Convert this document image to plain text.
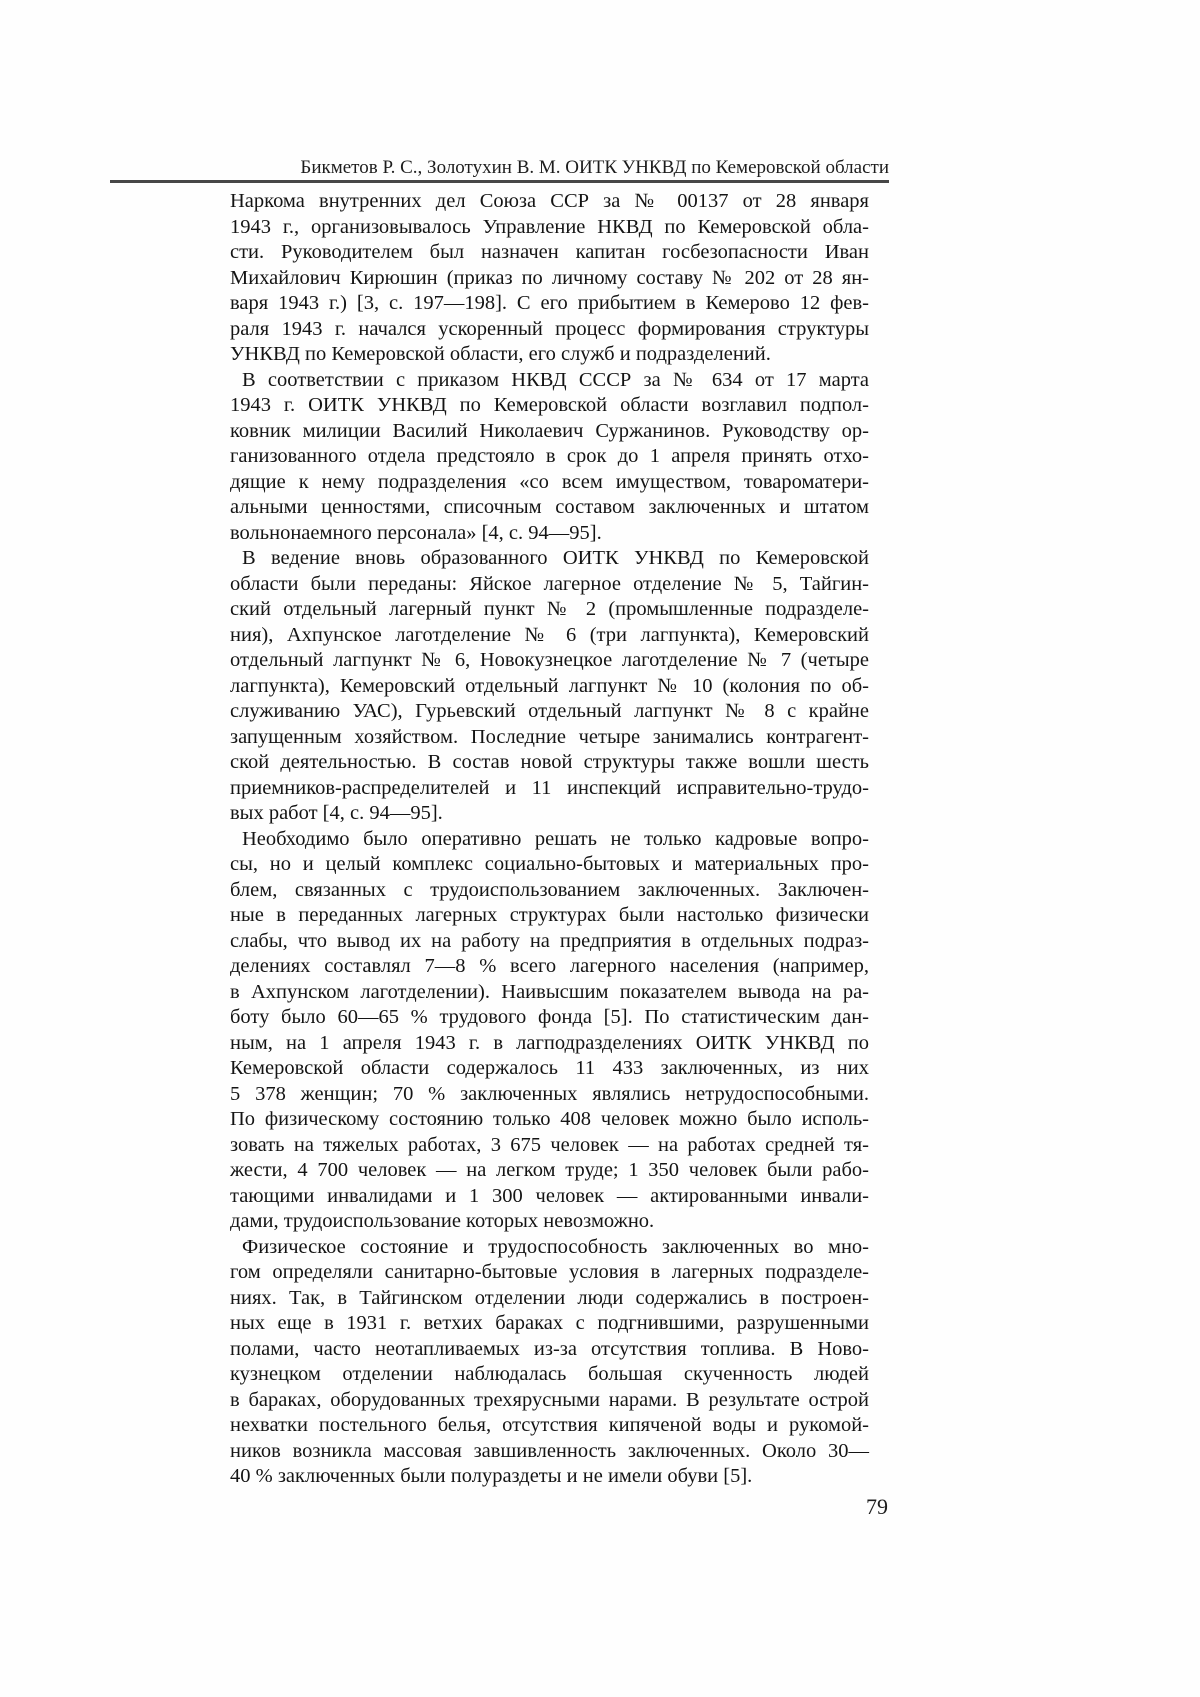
Бикметов Р. С., Золотухин В. М. ОИТК УНКВД по Кемеровской области
Наркома внутренних дел Союза ССР за № 00137 от 28 января
1943 г., организовывалось Управление НКВД по Кемеровской обла-
сти. Руководителем был назначен капитан госбезопасности Иван
Михайлович Кирюшин (приказ по личному составу № 202 от 28 ян-
варя 1943 г.) [3, с. 197—198]. С его прибытием в Кемерово 12 фев-
раля 1943 г. начался ускоренный процесс формирования структуры
УНКВД по Кемеровской области, его служб и подразделений.
В соответствии с приказом НКВД СССР за № 634 от 17 марта
1943 г. ОИТК УНКВД по Кемеровской области возглавил подпол-
ковник милиции Василий Николаевич Суржанинов. Руководству ор-
ганизованного отдела предстояло в срок до 1 апреля принять отхо-
дящие к нему подразделения «со всем имуществом, товароматери-
альными ценностями, списочным составом заключенных и штатом
вольнонаемного персонала» [4, с. 94—95].
В ведение вновь образованного ОИТК УНКВД по Кемеровской
области были переданы: Яйское лагерное отделение № 5, Тайгин-
ский отдельный лагерный пункт № 2 (промышленные подразделе-
ния), Ахпунское лаготделение № 6 (три лагпункта), Кемеровский
отдельный лагпункт № 6, Новокузнецкое лаготделение № 7 (четыре
лагпункта), Кемеровский отдельный лагпункт № 10 (колония по об-
служиванию УАС), Гурьевский отдельный лагпункт № 8 с крайне
запущенным хозяйством. Последние четыре занимались контрагент-
ской деятельностью. В состав новой структуры также вошли шесть
приемников-распределителей и 11 инспекций исправительно-трудо-
вых работ [4, с. 94—95].
Необходимо было оперативно решать не только кадровые вопро-
сы, но и целый комплекс социально-бытовых и материальных про-
блем, связанных с трудоиспользованием заключенных. Заключен-
ные в переданных лагерных структурах были настолько физически
слабы, что вывод их на работу на предприятия в отдельных подраз-
делениях составлял 7—8 % всего лагерного населения (например,
в Ахпунском лаготделении). Наивысшим показателем вывода на ра-
боту было 60—65 % трудового фонда [5]. По статистическим дан-
ным, на 1 апреля 1943 г. в лагподразделениях ОИТК УНКВД по
Кемеровской области содержалось 11 433 заключенных, из них
5 378 женщин; 70 % заключенных являлись нетрудоспособными.
По физическому состоянию только 408 человек можно было исполь-
зовать на тяжелых работах, 3 675 человек — на работах средней тя-
жести, 4 700 человек — на легком труде; 1 350 человек были рабо-
тающими инвалидами и 1 300 человек — актированными инвали-
дами, трудоиспользование которых невозможно.
Физическое состояние и трудоспособность заключенных во мно-
гом определяли санитарно-бытовые условия в лагерных подразделе-
ниях. Так, в Тайгинском отделении люди содержались в построен-
ных еще в 1931 г. ветхих бараках с подгнившими, разрушенными
полами, часто неотапливаемых из-за отсутствия топлива. В Ново-
кузнецком отделении наблюдалась большая скученность людей
в бараках, оборудованных трехярусными нарами. В результате острой
нехватки постельного белья, отсутствия кипяченой воды и рукомой-
ников возникла массовая завшивленность заключенных. Около 30—
40 % заключенных были полураздеты и не имели обуви [5].
79
